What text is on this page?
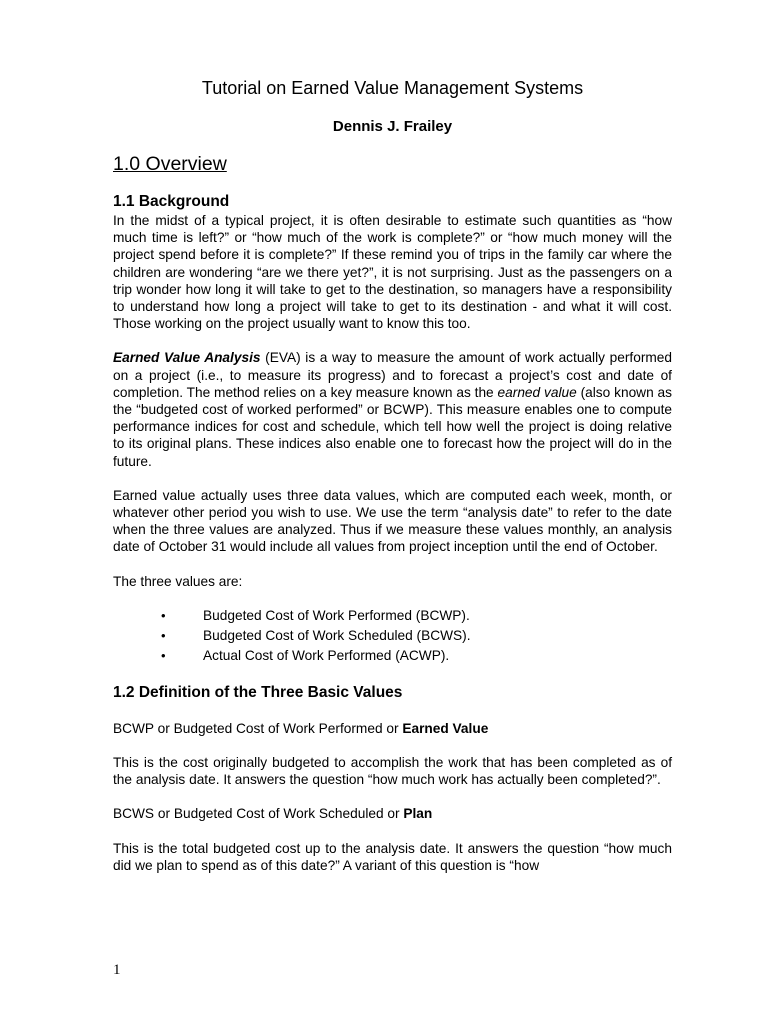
Tutorial on Earned Value Management Systems
Dennis J. Frailey
1.0 Overview
1.1 Background

In the midst of a typical project, it is often desirable to estimate such quantities as “how much time is left?” or “how much of the work is complete?” or “how much money will the project spend before it is complete?” If these remind you of trips in the family car where the children are wondering “are we there yet?”, it is not surprising. Just as the passengers on a trip wonder how long it will take to get to the destination, so managers have a responsibility to understand how long a project will take to get to its destination - and what it will cost. Those working on the project usually want to know this too.

Earned Value Analysis (EVA) is a way to measure the amount of work actually performed on a project (i.e., to measure its progress) and to forecast a project’s cost and date of completion. The method relies on a key measure known as the earned value (also known as the “budgeted cost of worked performed” or BCWP). This measure enables one to compute performance indices for cost and schedule, which tell how well the project is doing relative to its original plans. These indices also enable one to forecast how the project will do in the future.

Earned value actually uses three data values, which are computed each week, month, or whatever other period you wish to use. We use the term “analysis date” to refer to the date when the three values are analyzed. Thus if we measure these values monthly, an analysis date of October 31 would include all values from project inception until the end of October.

The three values are:

•	Budgeted Cost of Work Performed (BCWP).
•	Budgeted Cost of Work Scheduled (BCWS).
•	Actual Cost of Work Performed (ACWP).
1.2 Definition of the Three Basic Values

BCWP or Budgeted Cost of Work Performed or Earned Value

This is the cost originally budgeted to accomplish the work that has been completed as of the analysis date. It answers the question “how much work has actually been completed?”.

BCWS or Budgeted Cost of Work Scheduled or Plan

This is the total budgeted cost up to the analysis date. It answers the question “how much did we plan to spend as of this date?” A variant of this question is “how

1
